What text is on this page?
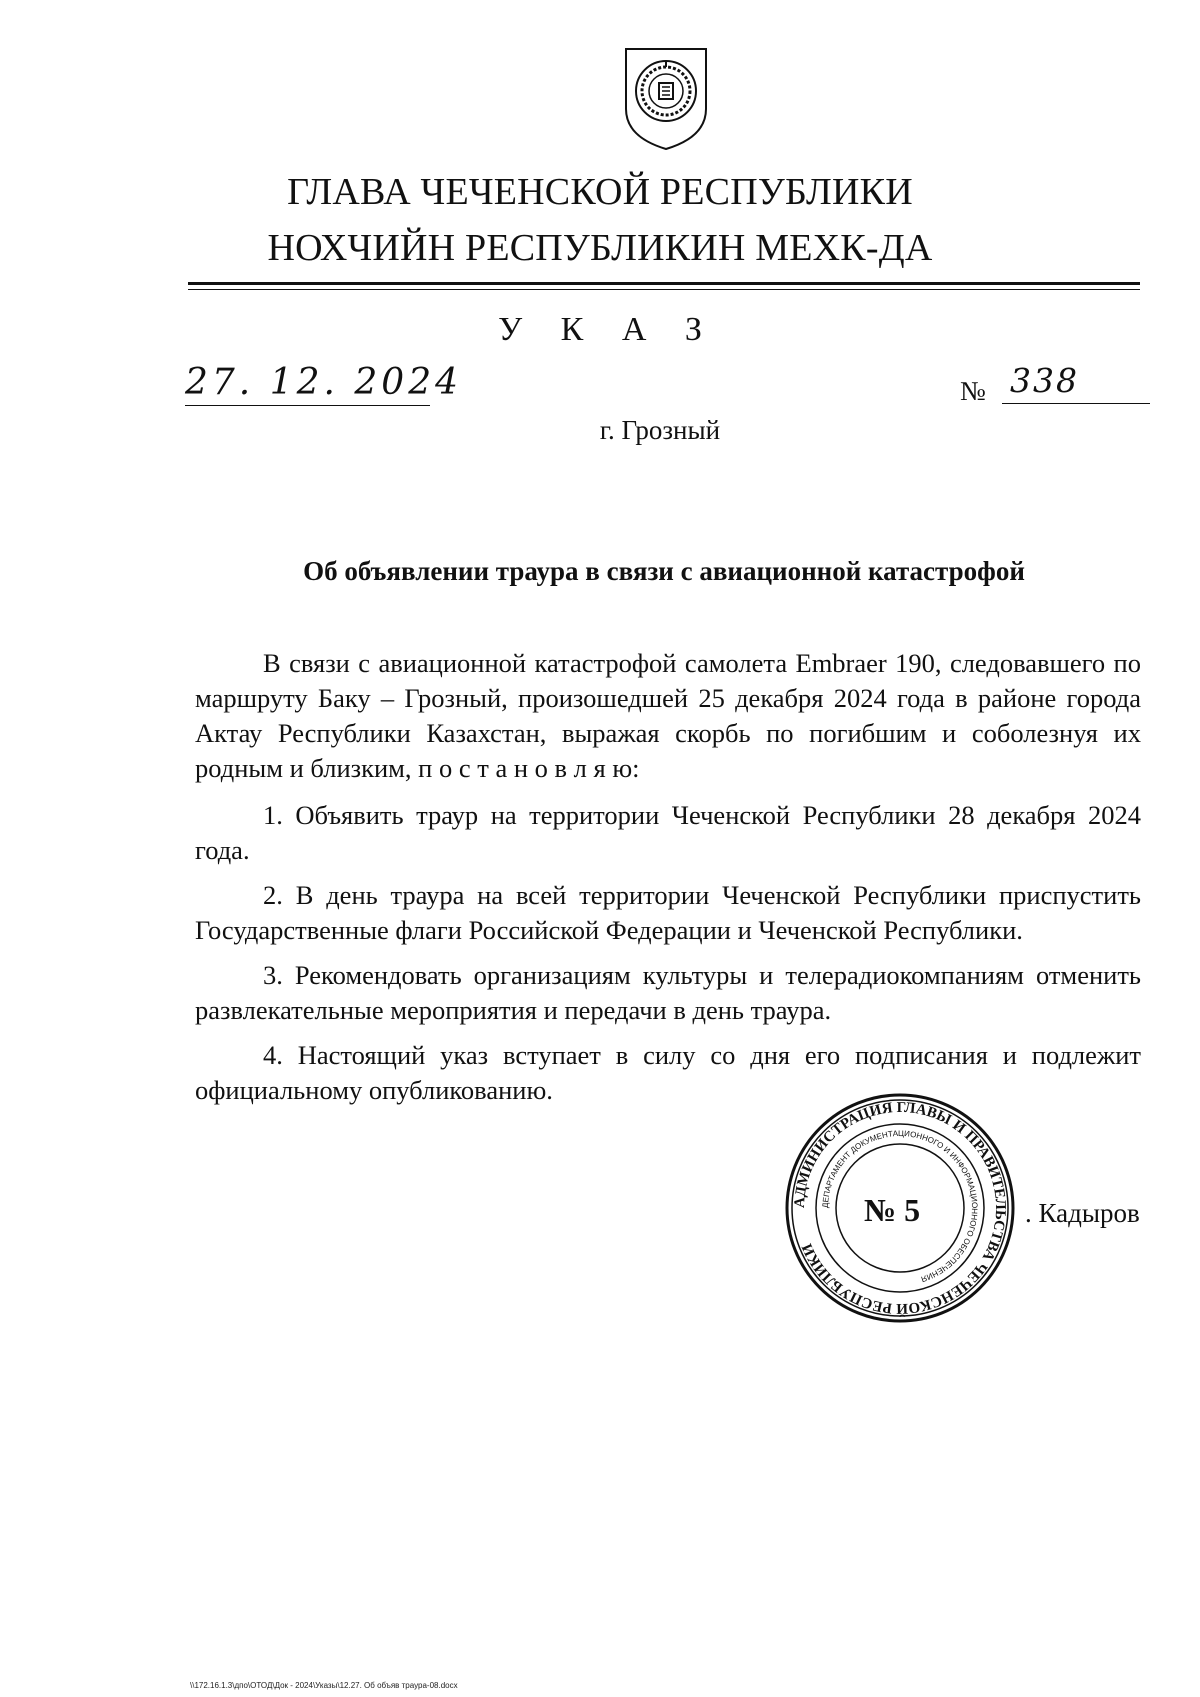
ГЛАВА ЧЕЧЕНСКОЙ РЕСПУБЛИКИ
НОХЧИЙН РЕСПУБЛИКИН МЕХК-ДА
У К А З
27. 12. 2024	№ 338
г. Грозный
Об объявлении траура в связи с авиационной катастрофой

В связи с авиационной катастрофой самолета Embraer 190, следовавшего по маршруту Баку – Грозный, произошедшей 25 декабря 2024 года в районе города Актау Республики Казахстан, выражая скорбь по погибшим и соболезнуя их родным и близким, п о с т а н о в л я ю:

1. Объявить траур на территории Чеченской Республики 28 декабря 2024 года.

2. В день траура на всей территории Чеченской Республики приспустить Государственные флаги Российской Федерации и Чеченской Республики.

3. Рекомендовать организациям культуры и телерадиокомпаниям отменить развлекательные мероприятия и передачи в день траура.

4. Настоящий указ вступает в силу со дня его подписания и подлежит официальному опубликованию.

АДМИНИСТРАЦИЯ ГЛАВЫ И ПРАВИТЕЛЬСТВА ЧЕЧЕНСКОЙ РЕСПУБЛИКИ
ДЕПАРТАМЕНТ ДОКУМЕНТАЦИОННОГО И ИНФОРМАЦИОННОГО ОБЕСПЕЧЕНИЯ
№ 5	. Кадыров
\\172.16.1.3\дпо\ОТОД\Док - 2024\Указы\12.27. Об объяв траура-08.docx
